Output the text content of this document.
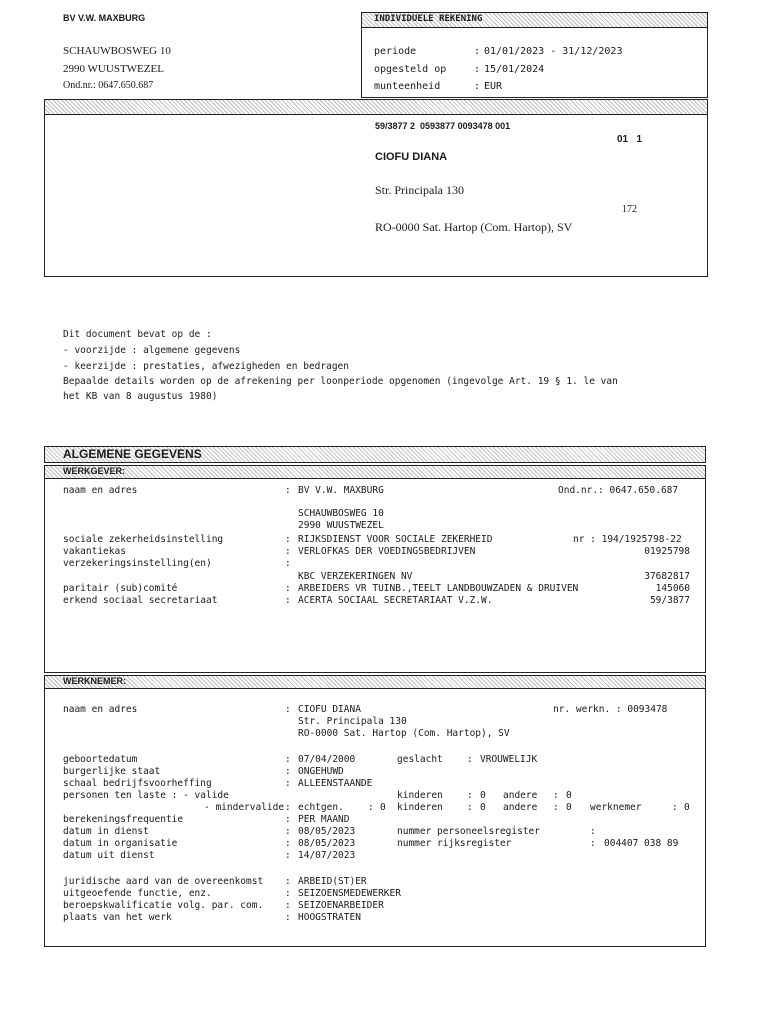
BV V.W. MAXBURG
SCHAUWBOSWEG 10
2990 WUUSTWEZEL
Ond.nr.: 0647.650.687
INDIVIDUELE REKENING
periode	: 01/01/2023 - 31/12/2023
opgesteld op	: 15/01/2024
munteenheid	: EUR
59/3877 2  0593877 0093478 001
01   1
CIOFU DIANA
Str. Principala 130
172
RO-0000 Sat. Hartop (Com. Hartop), SV
Dit document bevat op de :
- voorzijde : algemene gegevens
- keerzijde : prestaties, afwezigheden en bedragen
Bepaalde details worden op de afrekening per loonperiode opgenomen (ingevolge Art. 19 § 1. le van
het KB van 8 augustus 1980)
ALGEMENE GEGEVENS
WERKGEVER:
naam en adres	: BV V.W. MAXBURG	Ond.nr.: 0647.650.687
SCHAUWBOSWEG 10
2990 WUUSTWEZEL
sociale zekerheidsinstelling	: RIJKSDIENST VOOR SOCIALE ZEKERHEID	nr : 194/1925798-22
vakantiekas	: VERLOFKAS DER VOEDINGSBEDRIJVEN	01925798
verzekeringsinstelling(en)	:
KBC VERZEKERINGEN NV	37682817
paritair (sub)comité	: ARBEIDERS VR TUINB.,TEELT LANDBOUWZADEN & DRUIVEN	145060
erkend sociaal secretariaat	: ACERTA SOCIAAL SECRETARIAAT V.Z.W.	59/3877
WERKNEMER:
naam en adres	: CIOFU DIANA	nr. werkn. : 0093478
Str. Principala 130
RO-0000 Sat. Hartop (Com. Hartop), SV
geboortedatum	: 07/04/2000	geslacht	: VROUWELIJK
burgerlijke staat	: ONGEHUWD
schaal bedrijfsvoorheffing	: ALLEENSTAANDE
personen ten laste : - valide	kinderen	: 0 andere : 0
- mindervalide : echtgen.	: 0 kinderen	: 0 andere : 0 werknemer	: 0
berekeningsfrequentie	: PER MAAND
datum in dienst	: 08/05/2023	nummer personeelsregister	:
datum in organisatie	: 08/05/2023	nummer rijksregister	: 004407 038 89
datum uit dienst	: 14/07/2023
juridische aard van de overeenkomst : ARBEID(ST)ER
uitgeoefende functie, enz.	: SEIZOENSMEDEWERKER
beroepskwalificatie volg. par. com. : SEIZOENARBEIDER
plaats van het werk	: HOOGSTRATEN
